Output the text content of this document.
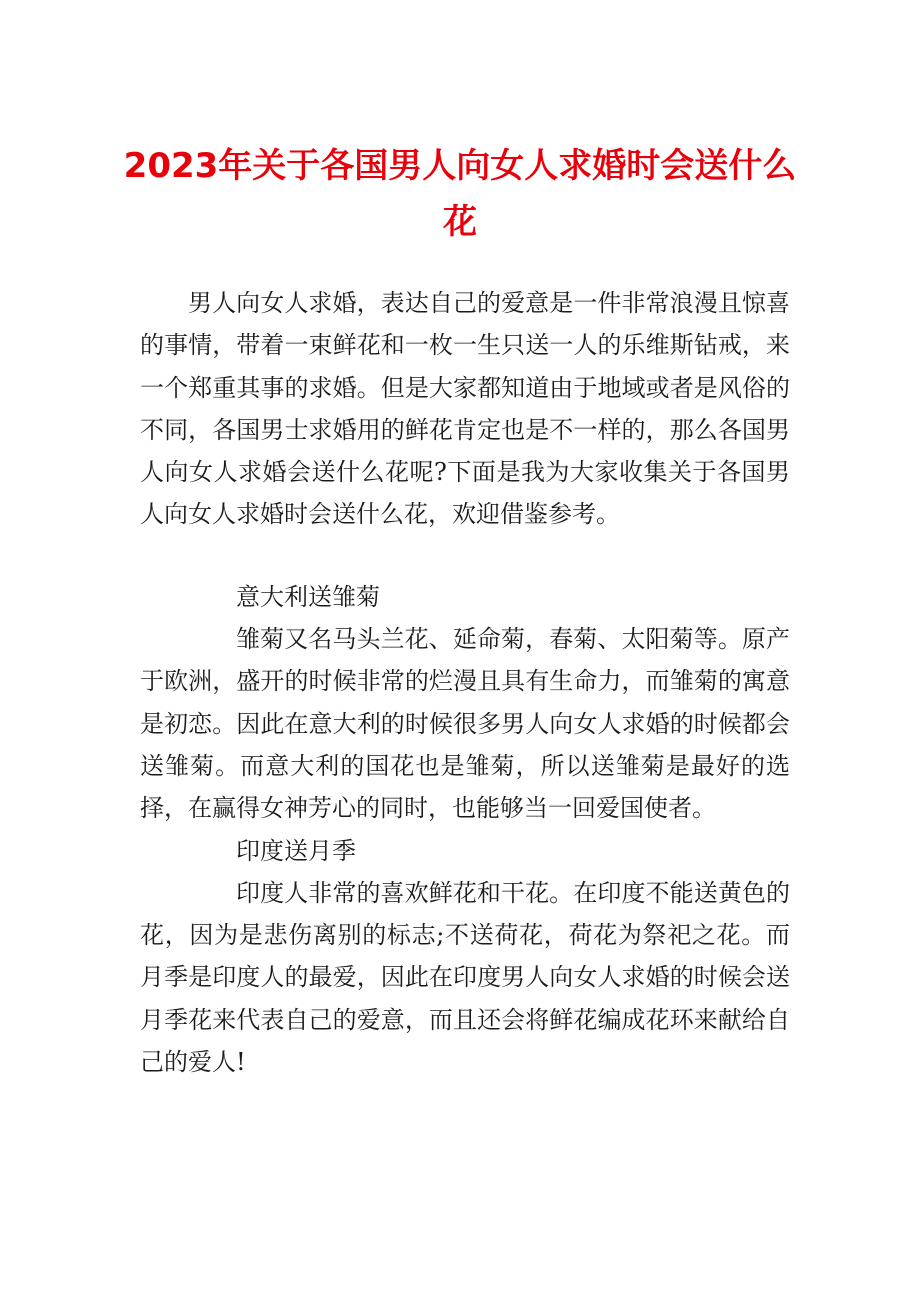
2023年关于各国男人向女人求婚时会送什么花

男人向女人求婚，表达自己的爱意是一件非常浪漫且惊喜的事情，带着一束鲜花和一枚一生只送一人的乐维斯钻戒，来一个郑重其事的求婚。但是大家都知道由于地域或者是风俗的不同，各国男士求婚用的鲜花肯定也是不一样的，那么各国男人向女人求婚会送什么花呢?下面是我为大家收集关于各国男人向女人求婚时会送什么花，欢迎借鉴参考。

意大利送雏菊

雏菊又名马头兰花、延命菊，春菊、太阳菊等。原产于欧洲，盛开的时候非常的烂漫且具有生命力，而雏菊的寓意是初恋。因此在意大利的时候很多男人向女人求婚的时候都会送雏菊。而意大利的国花也是雏菊，所以送雏菊是最好的选择，在赢得女神芳心的同时，也能够当一回爱国使者。

印度送月季

印度人非常的喜欢鲜花和干花。在印度不能送黄色的花，因为是悲伤离别的标志;不送荷花，荷花为祭祀之花。而月季是印度人的最爱，因此在印度男人向女人求婚的时候会送月季花来代表自己的爱意，而且还会将鲜花编成花环来献给自己的爱人!
